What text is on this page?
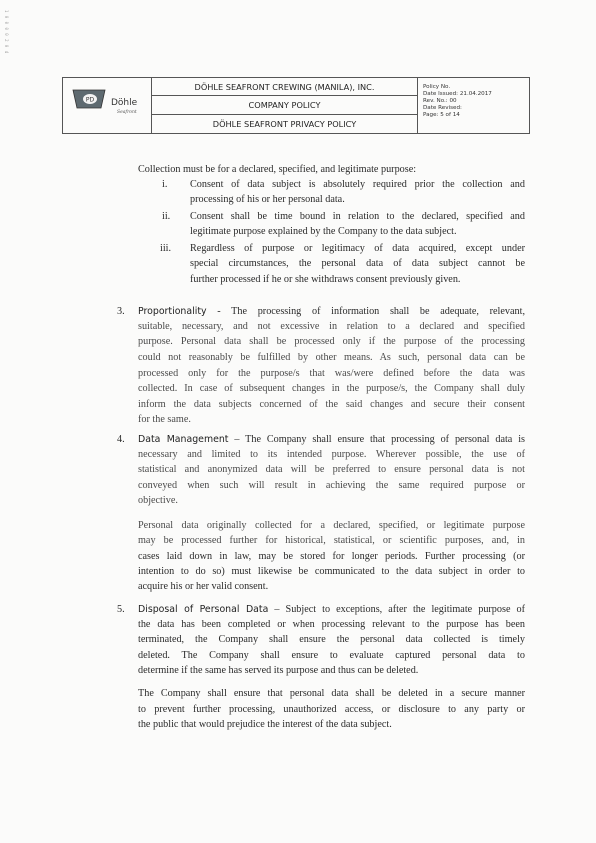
1 0 0 0 0 2 0 4
PD Döhle
Seafront
DÖHLE SEAFRONT CREWING (MANILA), INC.
COMPANY POLICY
DÖHLE SEAFRONT PRIVACY POLICY
Policy No.
Date Issued: 21.04.2017
Rev. No.: 00
Date Revised:
Page: 5 of 14
Collection must be for a declared, specified, and legitimate purpose:
i. Consent of data subject is absolutely required prior the collection and
processing of his or her personal data.
ii. Consent shall be time bound in relation to the declared, specified and
legitimate purpose explained by the Company to the data subject.
iii. Regardless of purpose or legitimacy of data acquired, except under
special circumstances, the personal data of data subject cannot be
further processed if he or she withdraws consent previously given.
3. Proportionality - The processing of information shall be adequate, relevant,
suitable, necessary, and not excessive in relation to a declared and specified
purpose. Personal data shall be processed only if the purpose of the processing
could not reasonably be fulfilled by other means. As such, personal data can be
processed only for the purpose/s that was/were defined before the data was
collected. In case of subsequent changes in the purpose/s, the Company shall duly
inform the data subjects concerned of the said changes and secure their consent
for the same.
4. Data Management – The Company shall ensure that processing of personal data is
necessary and limited to its intended purpose. Wherever possible, the use of
statistical and anonymized data will be preferred to ensure personal data is not
conveyed when such will result in achieving the same required purpose or
objective.
Personal data originally collected for a declared, specified, or legitimate purpose
may be processed further for historical, statistical, or scientific purposes, and, in
cases laid down in law, may be stored for longer periods. Further processing (or
intention to do so) must likewise be communicated to the data subject in order to
acquire his or her valid consent.
5. Disposal of Personal Data – Subject to exceptions, after the legitimate purpose of
the data has been completed or when processing relevant to the purpose has been
terminated, the Company shall ensure the personal data collected is timely
deleted. The Company shall ensure to evaluate captured personal data to
determine if the same has served its purpose and thus can be deleted.
The Company shall ensure that personal data shall be deleted in a secure manner
to prevent further processing, unauthorized access, or disclosure to any party or
the public that would prejudice the interest of the data subject.
